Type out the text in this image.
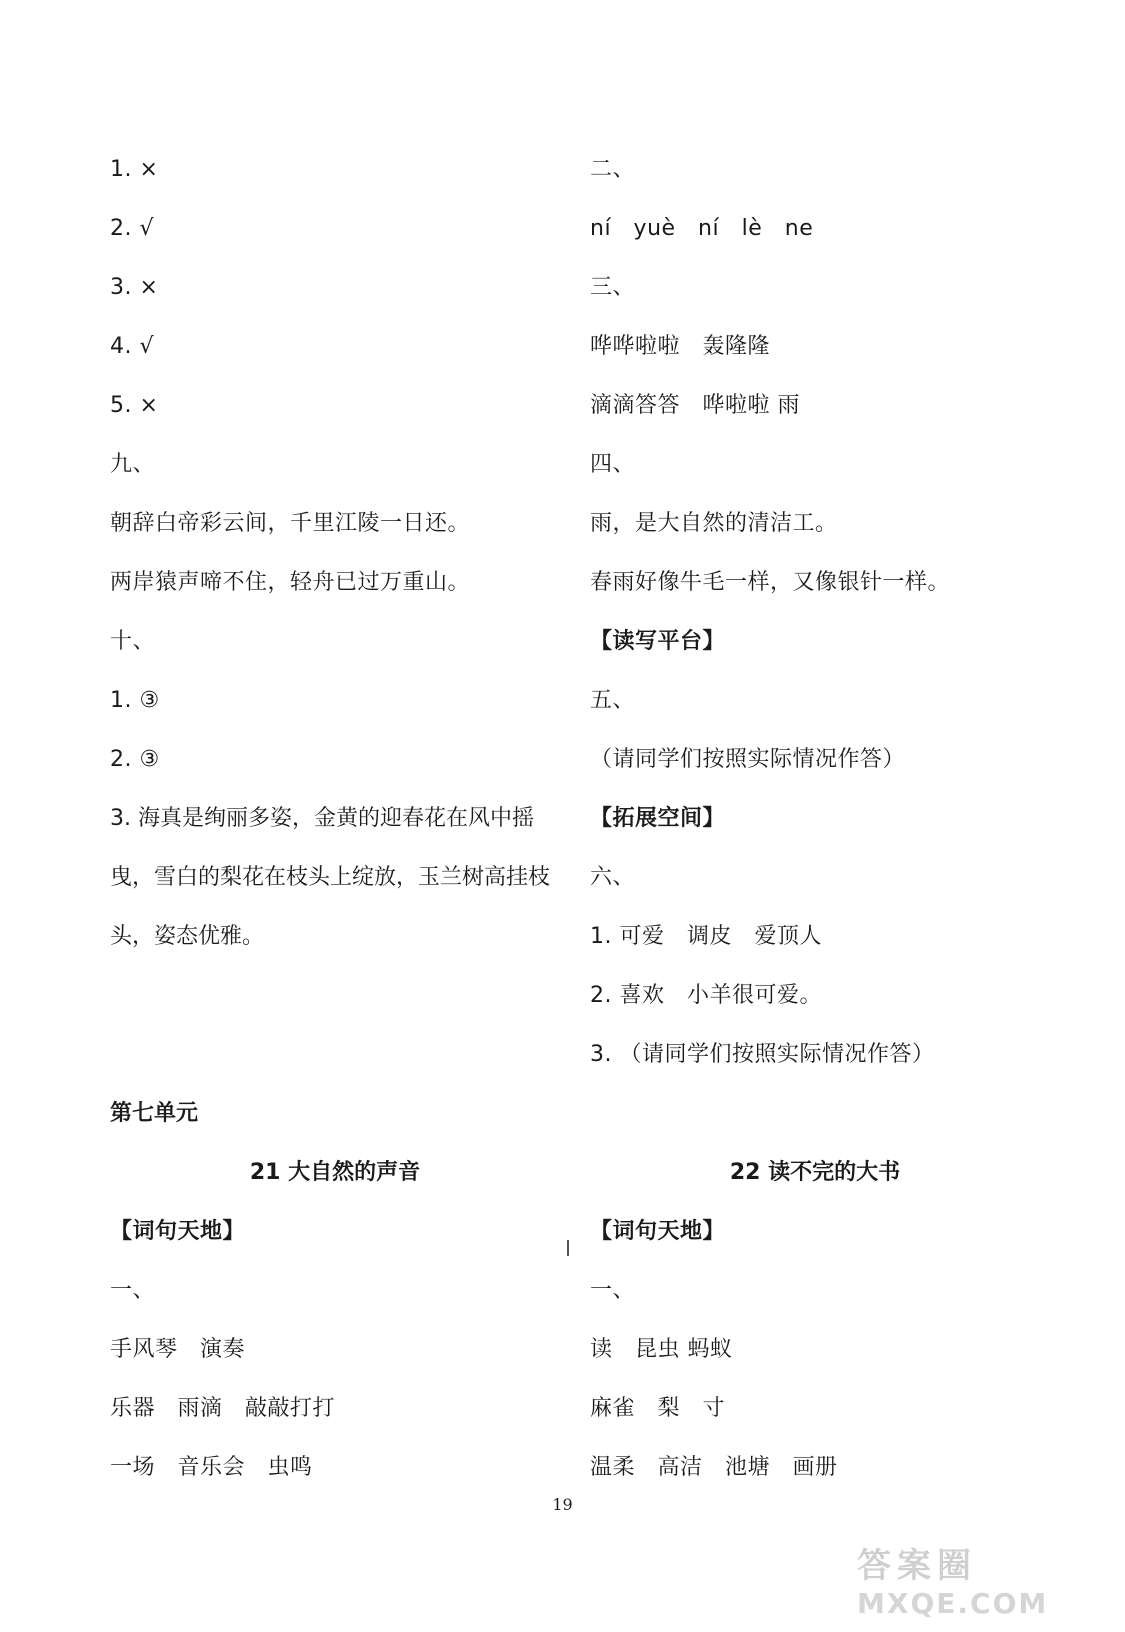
1. ×
2. √
3. ×
4. √
5. ×
九、
朝辞白帝彩云间，千里江陵一日还。
两岸猿声啼不住，轻舟已过万重山。
十、
1. ③
2. ③
3. 海真是绚丽多姿，金黄的迎春花在风中摇曳，雪白的梨花在枝头上绽放，玉兰树高挂枝头，姿态优雅。
二、
ní　yuè　ní　lè　ne
三、
哗哗啦啦　轰隆隆
滴滴答答　哗啦啦 雨
四、
雨，是大自然的清洁工。
春雨好像牛毛一样，又像银针一样。
【读写平台】
五、
（请同学们按照实际情况作答）
【拓展空间】
六、
1. 可爱　调皮　爱顶人
2. 喜欢　小羊很可爱。
3. （请同学们按照实际情况作答）
第七单元
21 大自然的声音	22 读不完的大书
【词句天地】
一、
手风琴　演奏
乐器　雨滴　敲敲打打
一场　音乐会　虫鸣
【词句天地】
一、
读　昆虫 蚂蚁
麻雀　梨　寸
温柔　高洁　池塘　画册
19
答案圈
MXQE.COM
